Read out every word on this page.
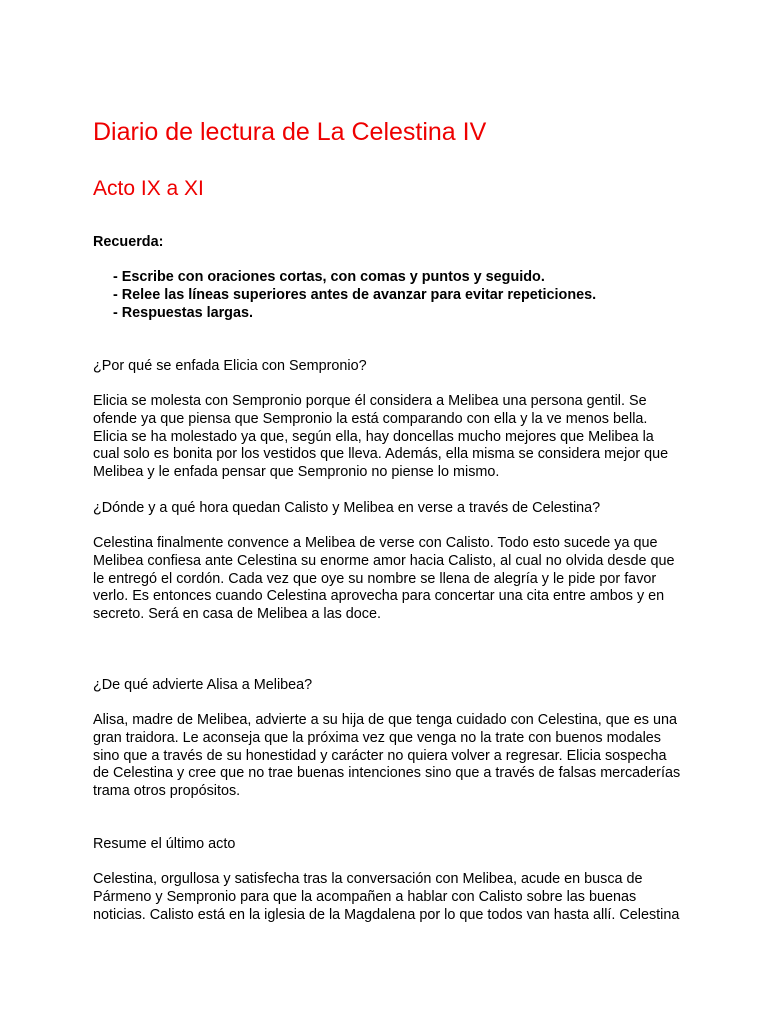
Diario de lectura de La Celestina IV
Acto IX a XI
Recuerda:
- Escribe con oraciones cortas, con comas y puntos y seguido.
- Relee las líneas superiores antes de avanzar para evitar repeticiones.
- Respuestas largas.
¿Por qué se enfada Elicia con Sempronio?
Elicia se molesta con Sempronio porque él considera a Melibea una persona gentil. Se
ofende ya que piensa que Sempronio la está comparando con ella y la ve menos bella.
Elicia se ha molestado ya que, según ella, hay doncellas mucho mejores que Melibea la
cual solo es bonita por los vestidos que lleva. Además, ella misma se considera mejor que
Melibea y le enfada pensar que Sempronio no piense lo mismo.
¿Dónde y a qué hora quedan Calisto y Melibea en verse a través de Celestina?
Celestina finalmente convence a Melibea de verse con Calisto. Todo esto sucede ya que
Melibea confiesa ante Celestina su enorme amor hacia Calisto, al cual no olvida desde que
le entregó el cordón. Cada vez que oye su nombre se llena de alegría y le pide por favor
verlo. Es entonces cuando Celestina aprovecha para concertar una cita entre ambos y en
secreto. Será en casa de Melibea a las doce.
¿De qué advierte Alisa a Melibea?
Alisa, madre de Melibea, advierte a su hija de que tenga cuidado con Celestina, que es una
gran traidora. Le aconseja que la próxima vez que venga no la trate con buenos modales
sino que a través de su honestidad y carácter no quiera volver a regresar. Elicia sospecha
de Celestina y cree que no trae buenas intenciones sino que a través de falsas mercaderías
trama otros propósitos.
Resume el último acto
Celestina, orgullosa y satisfecha tras la conversación con Melibea, acude en busca de
Pármeno y Sempronio para que la acompañen a hablar con Calisto sobre las buenas
noticias. Calisto está en la iglesia de la Magdalena por lo que todos van hasta allí. Celestina
